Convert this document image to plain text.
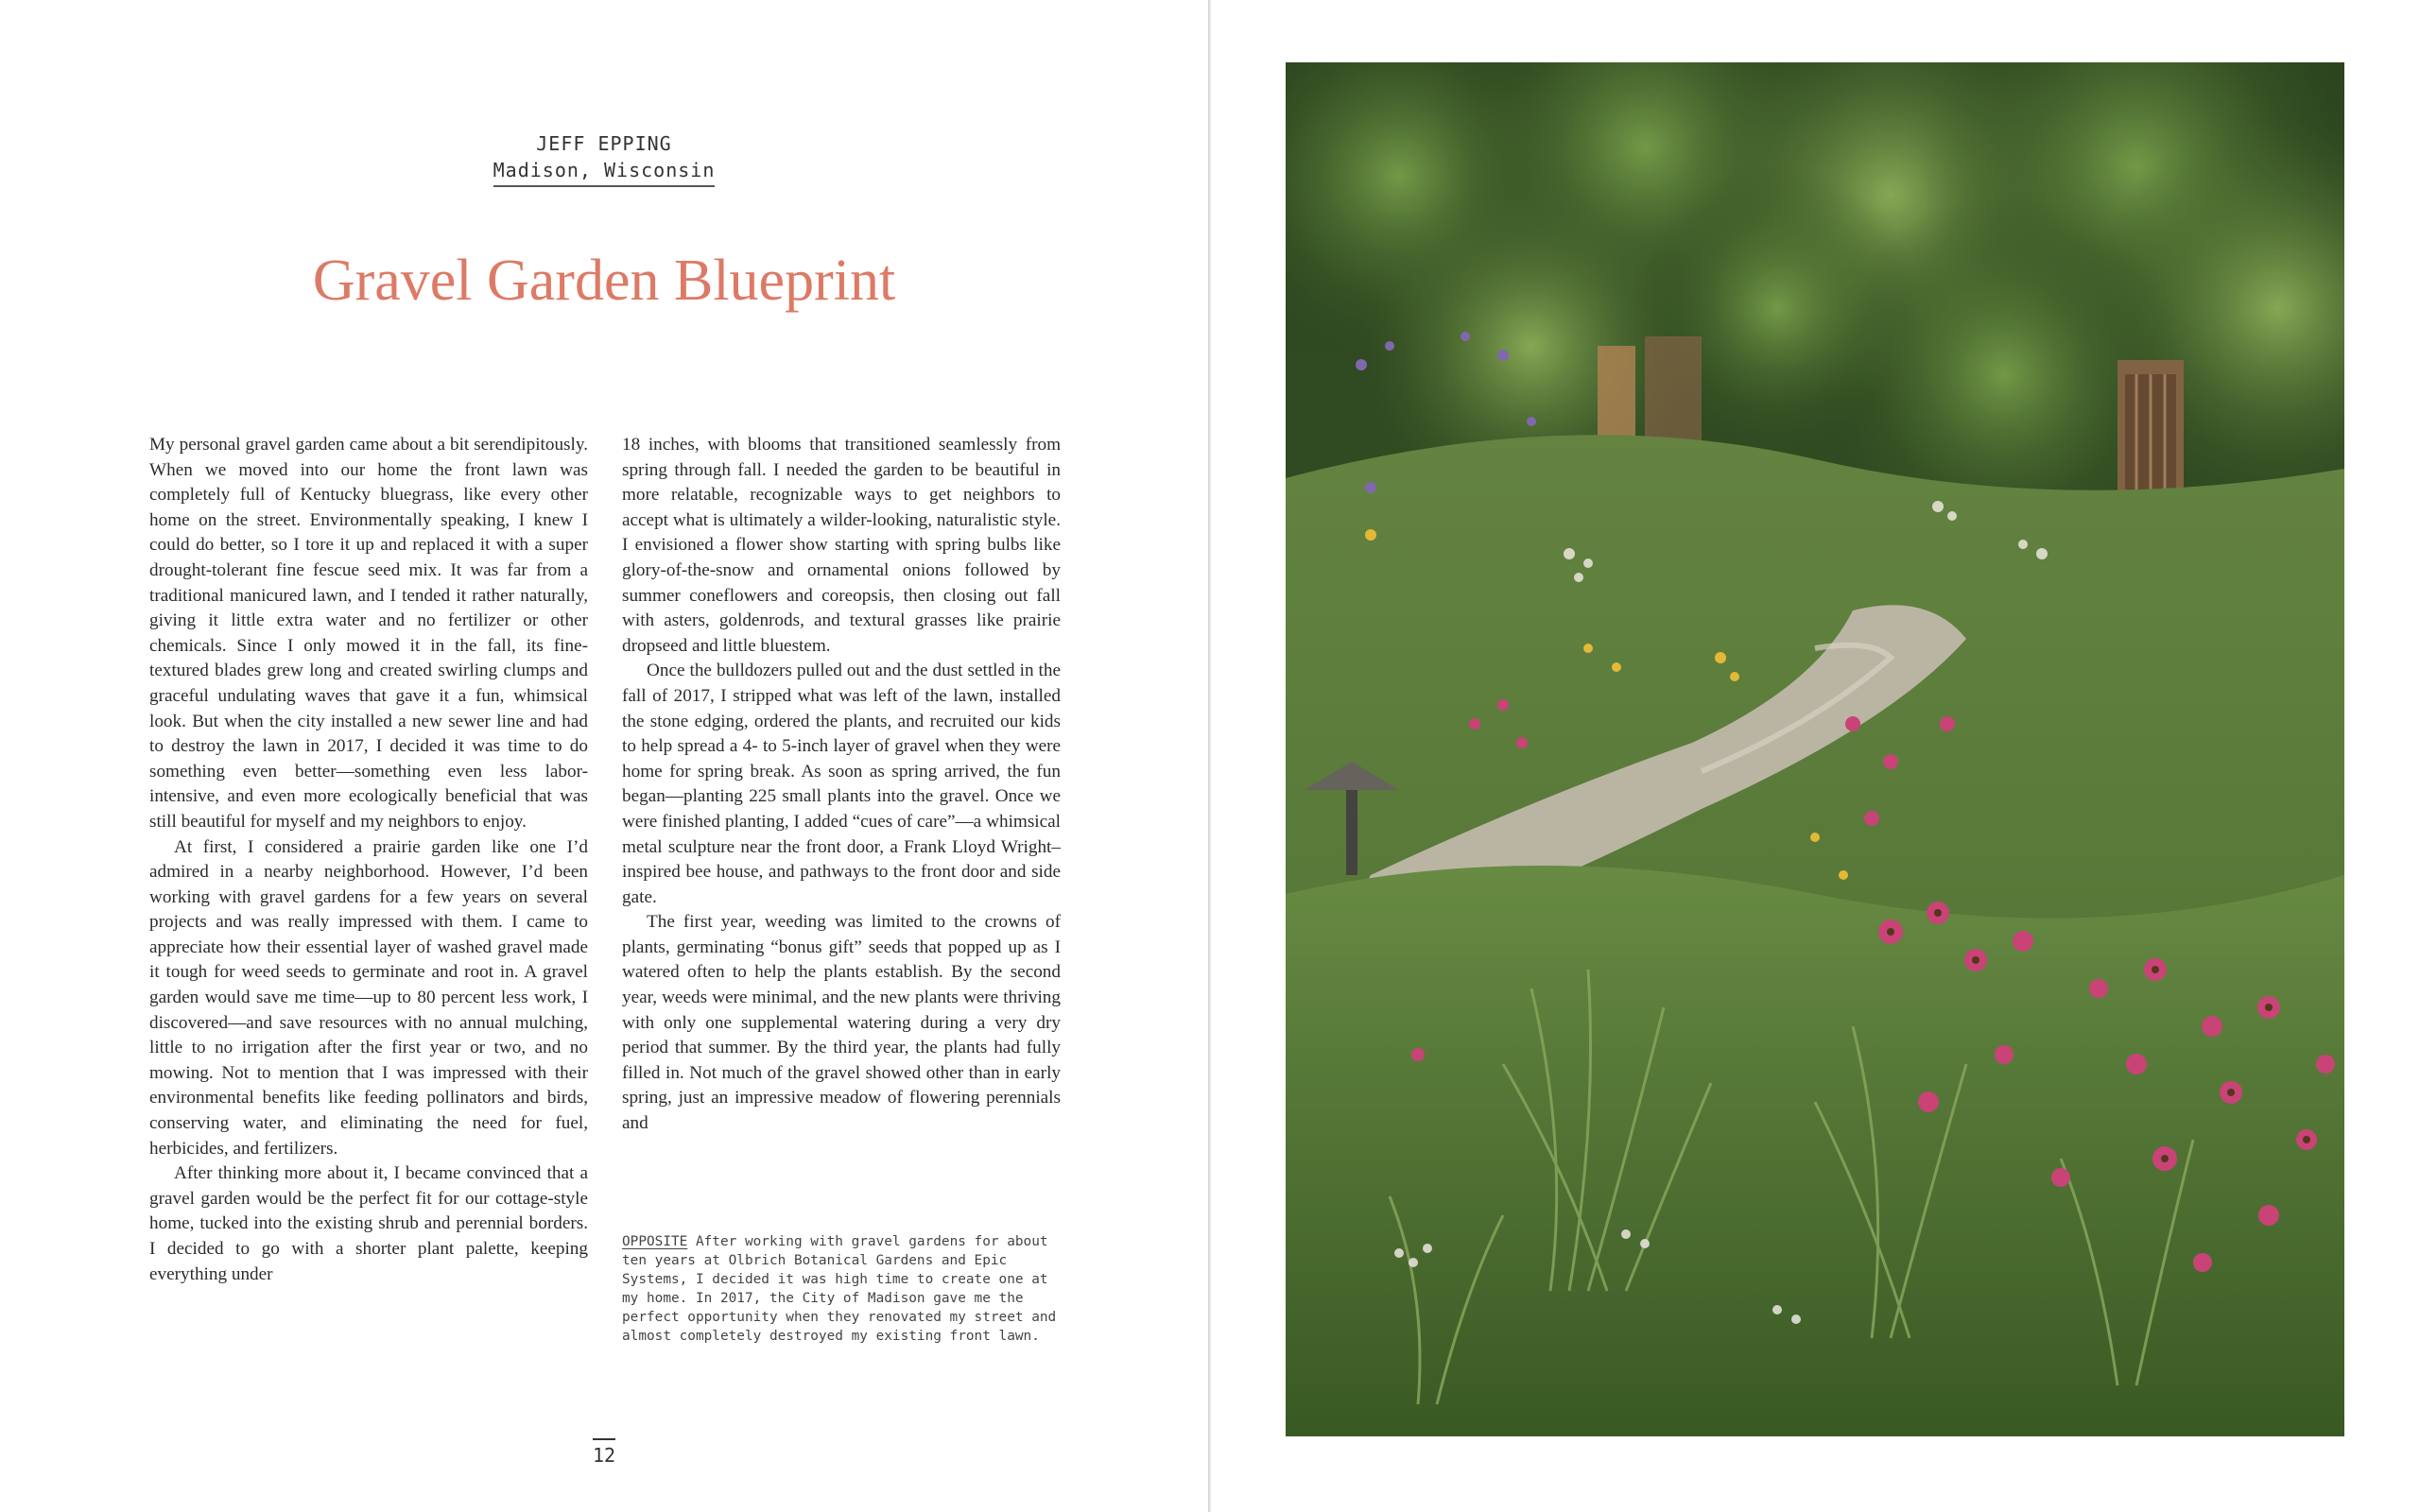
JEFF EPPING
Madison, Wisconsin
Gravel Garden Blueprint

My personal gravel garden came about a bit serendipitously. When we moved into our home the front lawn was completely full of Kentucky bluegrass, like every other home on the street. Environmentally speaking, I knew I could do better, so I tore it up and replaced it with a super drought-tolerant fine fescue seed mix. It was far from a traditional manicured lawn, and I tended it rather naturally, giving it little extra water and no fertilizer or other chemicals. Since I only mowed it in the fall, its fine-textured blades grew long and created swirling clumps and graceful undulating waves that gave it a fun, whimsical look. But when the city installed a new sewer line and had to destroy the lawn in 2017, I decided it was time to do something even better—something even less labor-intensive, and even more ecologically beneficial that was still beautiful for myself and my neighbors to enjoy.

At first, I considered a prairie garden like one I’d admired in a nearby neighborhood. However, I’d been working with gravel gardens for a few years on several projects and was really impressed with them. I came to appreciate how their essential layer of washed gravel made it tough for weed seeds to germinate and root in. A gravel garden would save me time—up to 80 percent less work, I discovered—and save resources with no annual mulching, little to no irrigation after the first year or two, and no mowing. Not to mention that I was impressed with their environmental benefits like feeding pollinators and birds, conserving water, and eliminating the need for fuel, herbicides, and fertilizers.

After thinking more about it, I became convinced that a gravel garden would be the perfect fit for our cottage-style home, tucked into the existing shrub and perennial borders. I decided to go with a shorter plant palette, keeping everything under

18 inches, with blooms that transitioned seamlessly from spring through fall. I needed the garden to be beautiful in more relatable, recognizable ways to get neighbors to accept what is ultimately a wilder-looking, naturalistic style. I envisioned a flower show starting with spring bulbs like glory-of-the-snow and ornamental onions followed by summer coneflowers and coreopsis, then closing out fall with asters, goldenrods, and textural grasses like prairie dropseed and little bluestem.

Once the bulldozers pulled out and the dust settled in the fall of 2017, I stripped what was left of the lawn, installed the stone edging, ordered the plants, and recruited our kids to help spread a 4- to 5-inch layer of gravel when they were home for spring break. As soon as spring arrived, the fun began—planting 225 small plants into the gravel. Once we were finished planting, I added “cues of care”—a whimsical metal sculpture near the front door, a Frank Lloyd Wright–inspired bee house, and pathways to the front door and side gate.

The first year, weeding was limited to the crowns of plants, germinating “bonus gift” seeds that popped up as I watered often to help the plants establish. By the second year, weeds were minimal, and the new plants were thriving with only one supplemental watering during a very dry period that summer. By the third year, the plants had fully filled in. Not much of the gravel showed other than in early spring, just an impressive meadow of flowering perennials and

OPPOSITE After working with gravel gardens for about ten years at Olbrich Botanical Gardens and Epic Systems, I decided it was high time to create one at my home. In 2017, the City of Madison gave me the perfect opportunity when they renovated my street and almost completely destroyed my existing front lawn.
12
